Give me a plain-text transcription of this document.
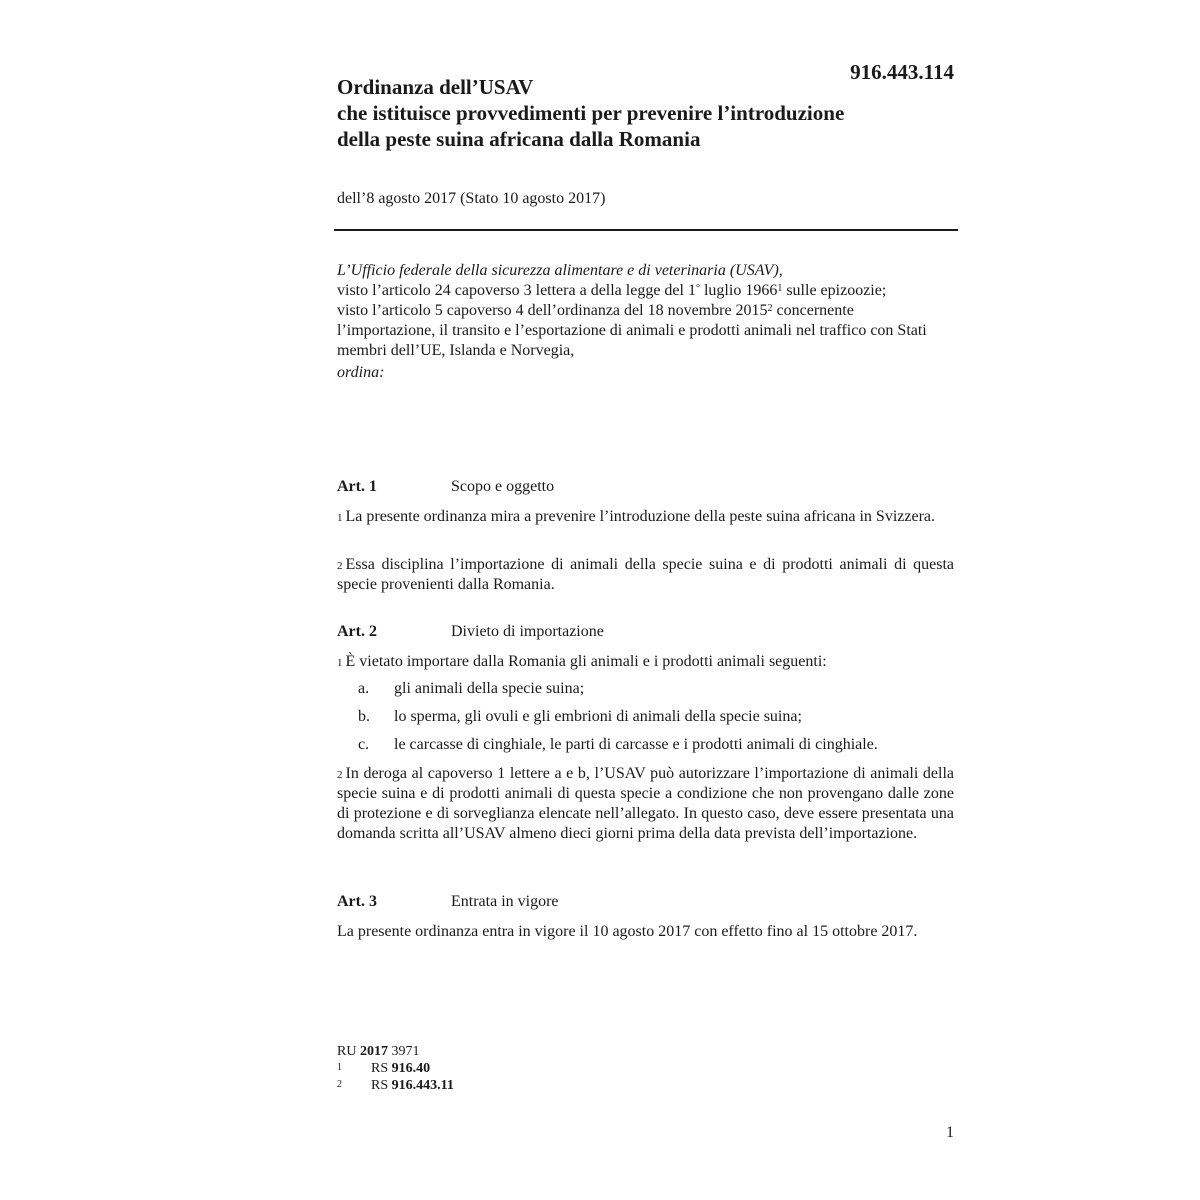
916.443.114
Ordinanza dell’USAV
che istituisce provvedimenti per prevenire l’introduzione
della peste suina africana dalla Romania
dell’8 agosto 2017 (Stato 10 agosto 2017)

L’Ufficio federale della sicurezza alimentare e di veterinaria (USAV),

visto l’articolo 24 capoverso 3 lettera a della legge del 1° luglio 1966$^1$ sulle epizoozie;

visto l’articolo 5 capoverso 4 dell’ordinanza del 18 novembre 2015$^2$ concernente l’importazione, il transito e l’esportazione di animali e prodotti animali nel traffico con Stati membri dell’UE, Islanda e Norvegia,

ordina:

Art. 1	Scopo e oggetto
$^1$ La presente ordinanza mira a prevenire l’introduzione della peste suina africana in Svizzera.
$^2$ Essa disciplina l’importazione di animali della specie suina e di prodotti animali di questa specie provenienti dalla Romania.
Art. 2	Divieto di importazione
$^1$ È vietato importare dalla Romania gli animali e i prodotti animali seguenti:
a. gli animali della specie suina;
b. lo sperma, gli ovuli e gli embrioni di animali della specie suina;
c. le carcasse di cinghiale, le parti di carcasse e i prodotti animali di cinghiale.
$^2$ In deroga al capoverso 1 lettere a e b, l’USAV può autorizzare l’importazione di animali della specie suina e di prodotti animali di questa specie a condizione che non provengano dalle zone di protezione e di sorveglianza elencate nell’allegato. In questo caso, deve essere presentata una domanda scritta all’USAV almeno dieci giorni prima della data prevista dell’importazione.
Art. 3	Entrata in vigore
La presente ordinanza entra in vigore il 10 agosto 2017 con effetto fino al 15 ottobre 2017.
RU 2017 3971
1 RS 916.40
2 RS 916.443.11
1
